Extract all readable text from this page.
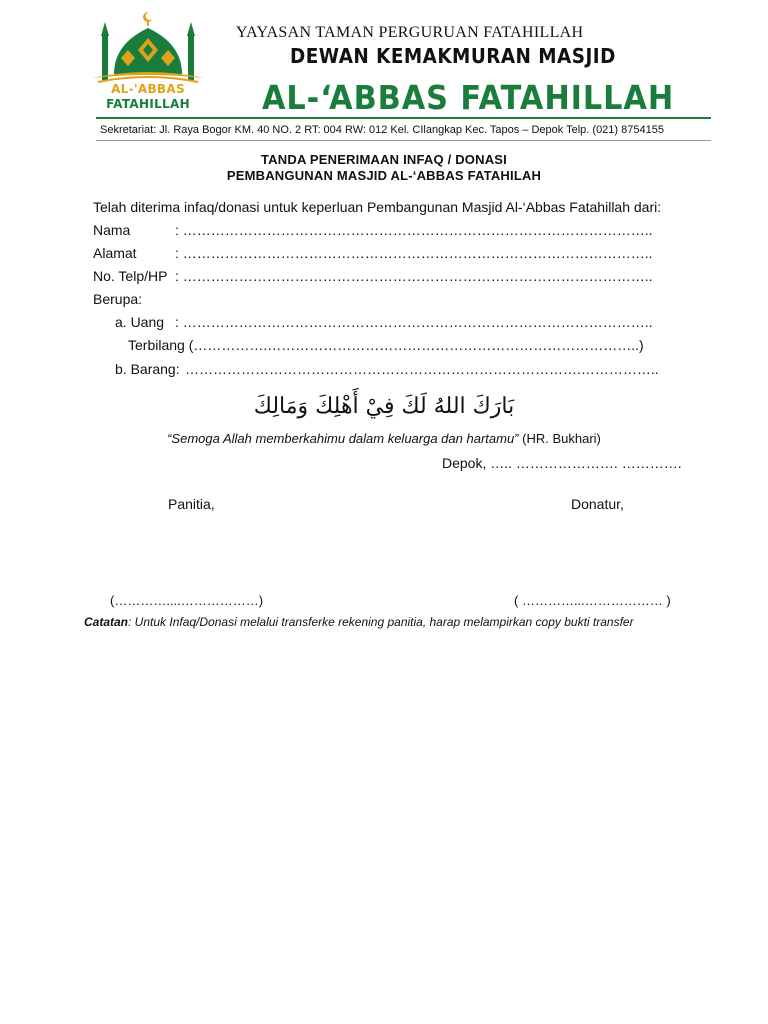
AL-'ABBAS
FATAHILLAH
YAYASAN TAMAN PERGURUAN FATAHILLAH
DEWAN KEMAKMURAN MASJID
AL-‘ABBAS FATAHILLAH
Sekretariat: Jl. Raya Bogor KM. 40 NO. 2 RT: 004 RW: 012 Kel. CIlangkap Kec. Tapos – Depok Telp. (021) 8754155
TANDA PENERIMAAN INFAQ / DONASI
PEMBANGUNAN MASJID AL-‘ABBAS FATAHILAH
Telah diterima infaq/donasi untuk keperluan Pembangunan Masjid Al-‘Abbas Fatahillah dari:
Nama	: ………………………………………………………………………………………..
Alamat	: ………………………………………………………………………………………..
No. Telp/HP : ………………………………………………………………………………………..
Berupa:
a. Uang : ………………………………………………………………………………………..
Terbilang (…………….……………………………………………………………………..)
b. Barang: ………………………………………………………………………….……………..
بَارَكَ اللهُ لَكَ فِيْ أَهْلِكَ وَمَالِكَ
“Semoga Allah memberkahimu dalam keluarga dan hartamu” (HR. Bukhari)
Depok, ….. …………………. ………….
Panitia,	Donatur,
(…………....………………)	( …………...……………… )
Catatan: Untuk Infaq/Donasi melalui transferke rekening panitia, harap melampirkan copy bukti transfer
